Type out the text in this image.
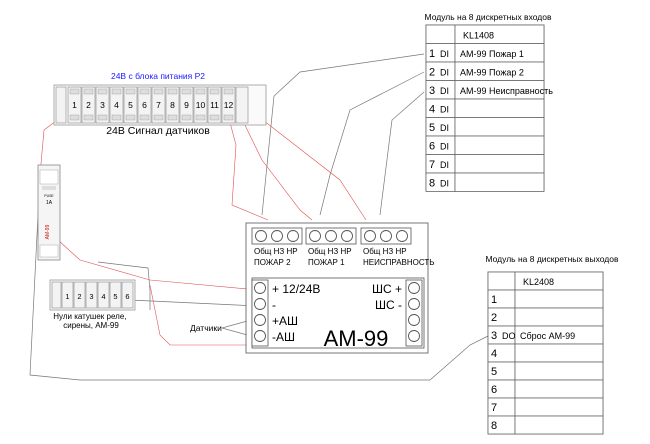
24В с блока питания Р2
1 2 3 4 5 6 7 8 9 10 11 12
24В Сигнал датчиков
PUSE
1A
АМ-99
1 2 3 4 5 6
Нули катушек реле, сирены, АМ-99	Датчики
Общ НЗ НР
ПОЖАР 2
Общ НЗ НР
ПОЖАР 1
Общ НЗ НР
НЕИСПРАВНОСТЬ
+ 12/24В
-
+АШ
-АШ
ШС +
ШС -
АМ-99
Модуль на 8 дискретных входов
KL1408
1 DI АМ-99 Пожар 1
2 DI АМ-99 Пожар 2
3 DI АМ-99 Неисправность
4 DI
5 DI
6 DI
7 DI
8 DI
Модуль на 8 дискретных выходов
KL2408
1
2
3 DO Сброс АМ-99
4
5
6
7
8
